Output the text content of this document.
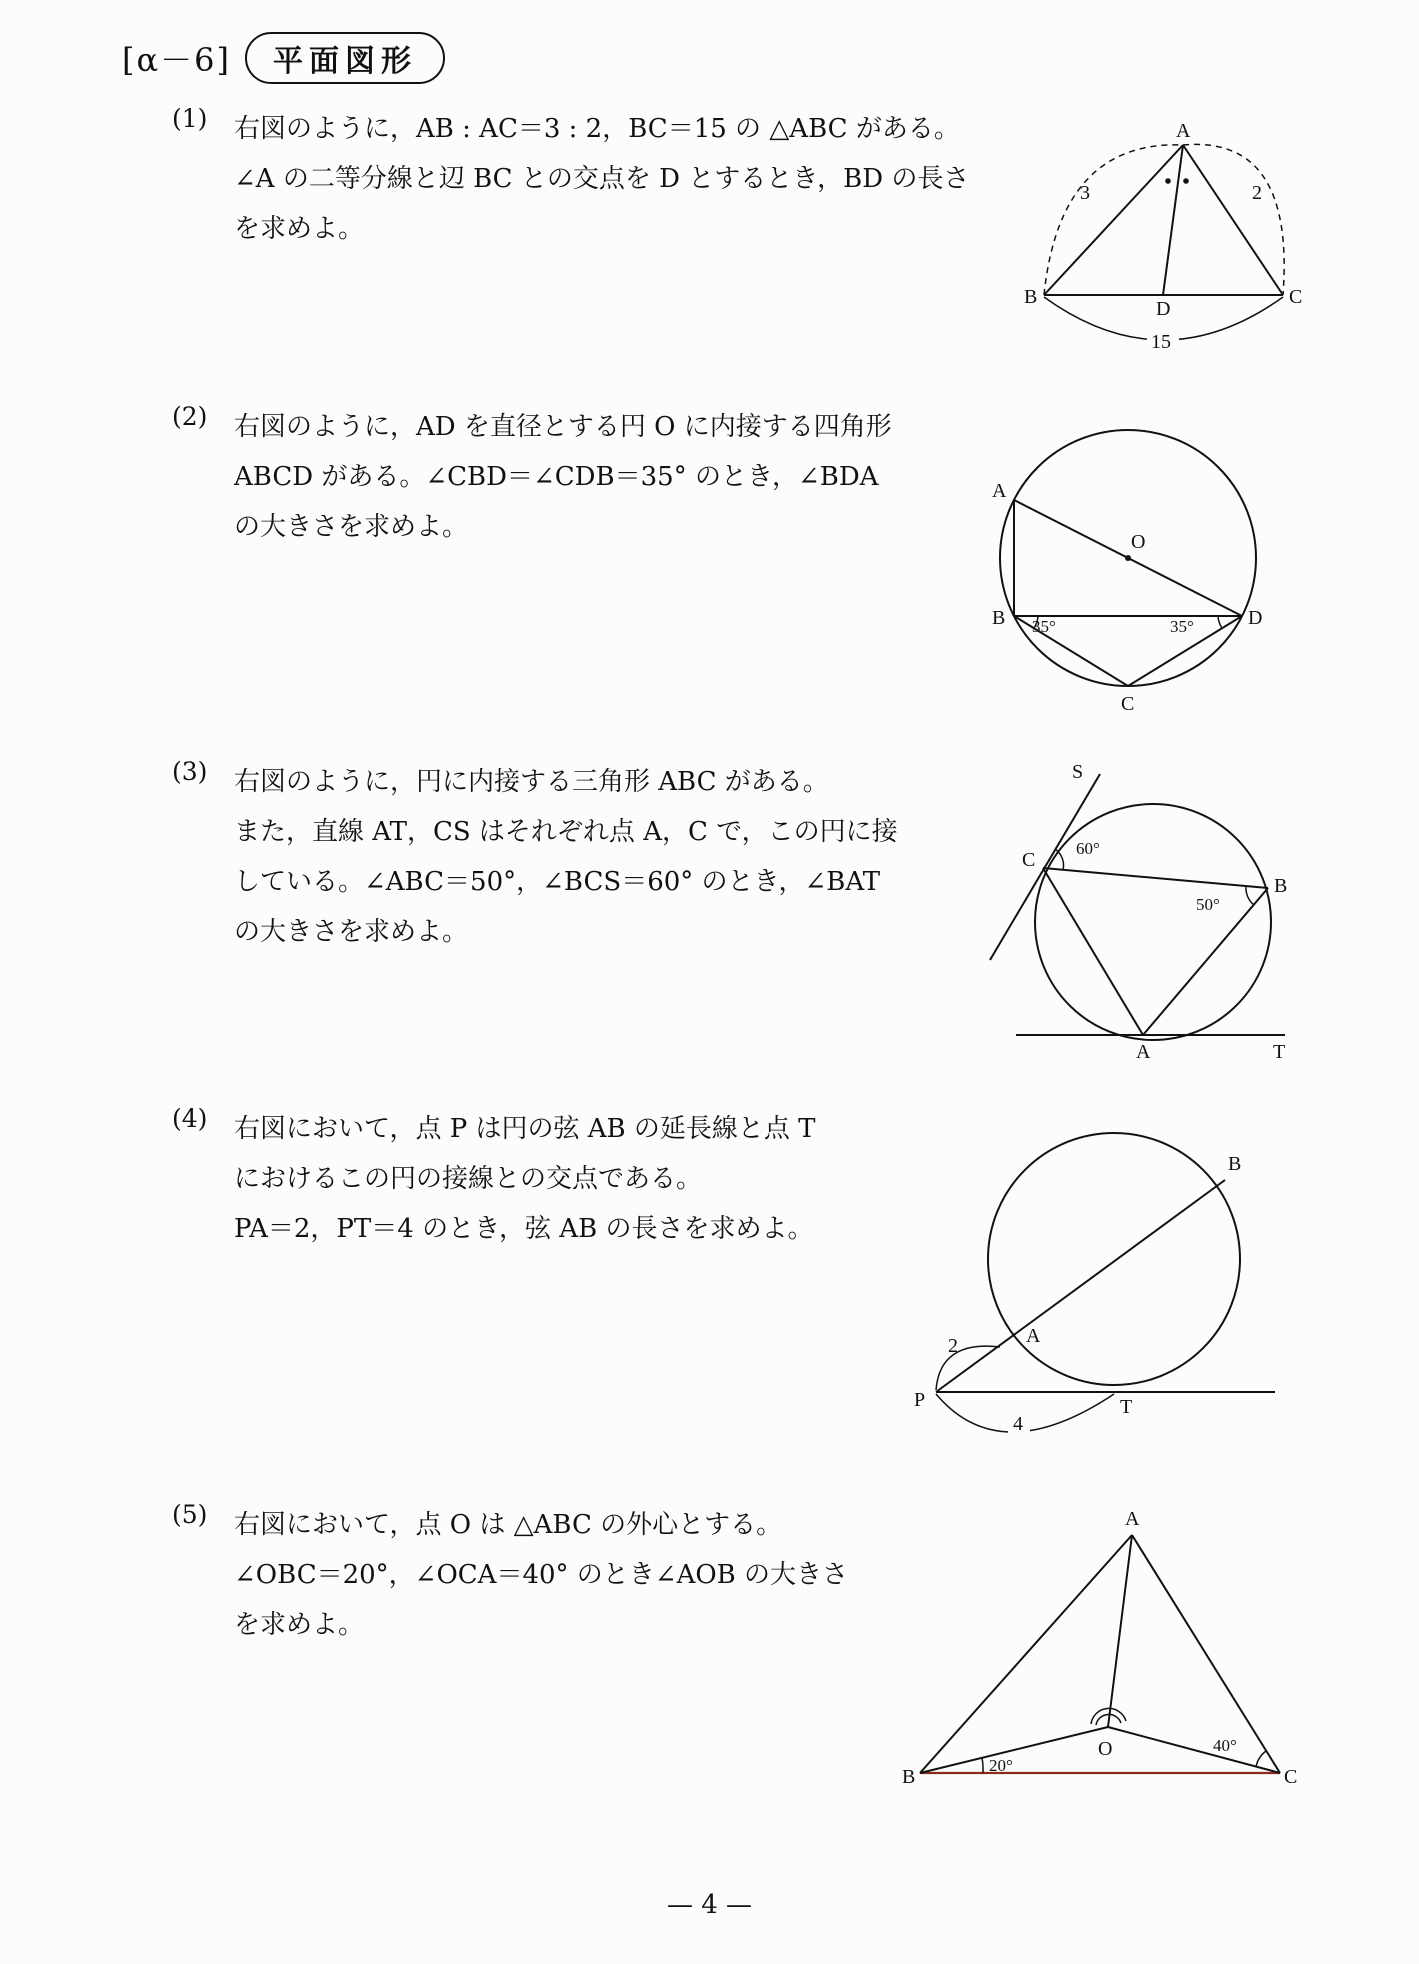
[α－6]	平面図形
(1) 右図のように，AB : AC＝3 : 2，BC＝15 の △ABC がある。
∠A の二等分線と辺 BC との交点を D とするとき，BD の長さ
を求めよ。
A
B	C
D
3	2
15
(2) 右図のように，AD を直径とする円 O に内接する四角形
ABCD がある。∠CBD＝∠CDB＝35° のとき，∠BDA
の大きさを求めよ。
A
B
C
D
O
35°	35°
(3) 右図のように，円に内接する三角形 ABC がある。
また，直線 AT，CS はそれぞれ点 A，C で，この円に接
している。∠ABC＝50°，∠BCS＝60° のとき，∠BAT
の大きさを求めよ。
S
C
B
A	T
60°
50°
(4) 右図において，点 P は円の弦 AB の延長線と点 T
におけるこの円の接線との交点である。
PA＝2，PT＝4 のとき，弦 AB の長さを求めよ。
B
A
P	T
2
4
(5) 右図において，点 O は △ABC の外心とする。
∠OBC＝20°，∠OCA＝40° のとき∠AOB の大きさ
を求めよ。
A
B	C
O
20°
40°
— 4 —
